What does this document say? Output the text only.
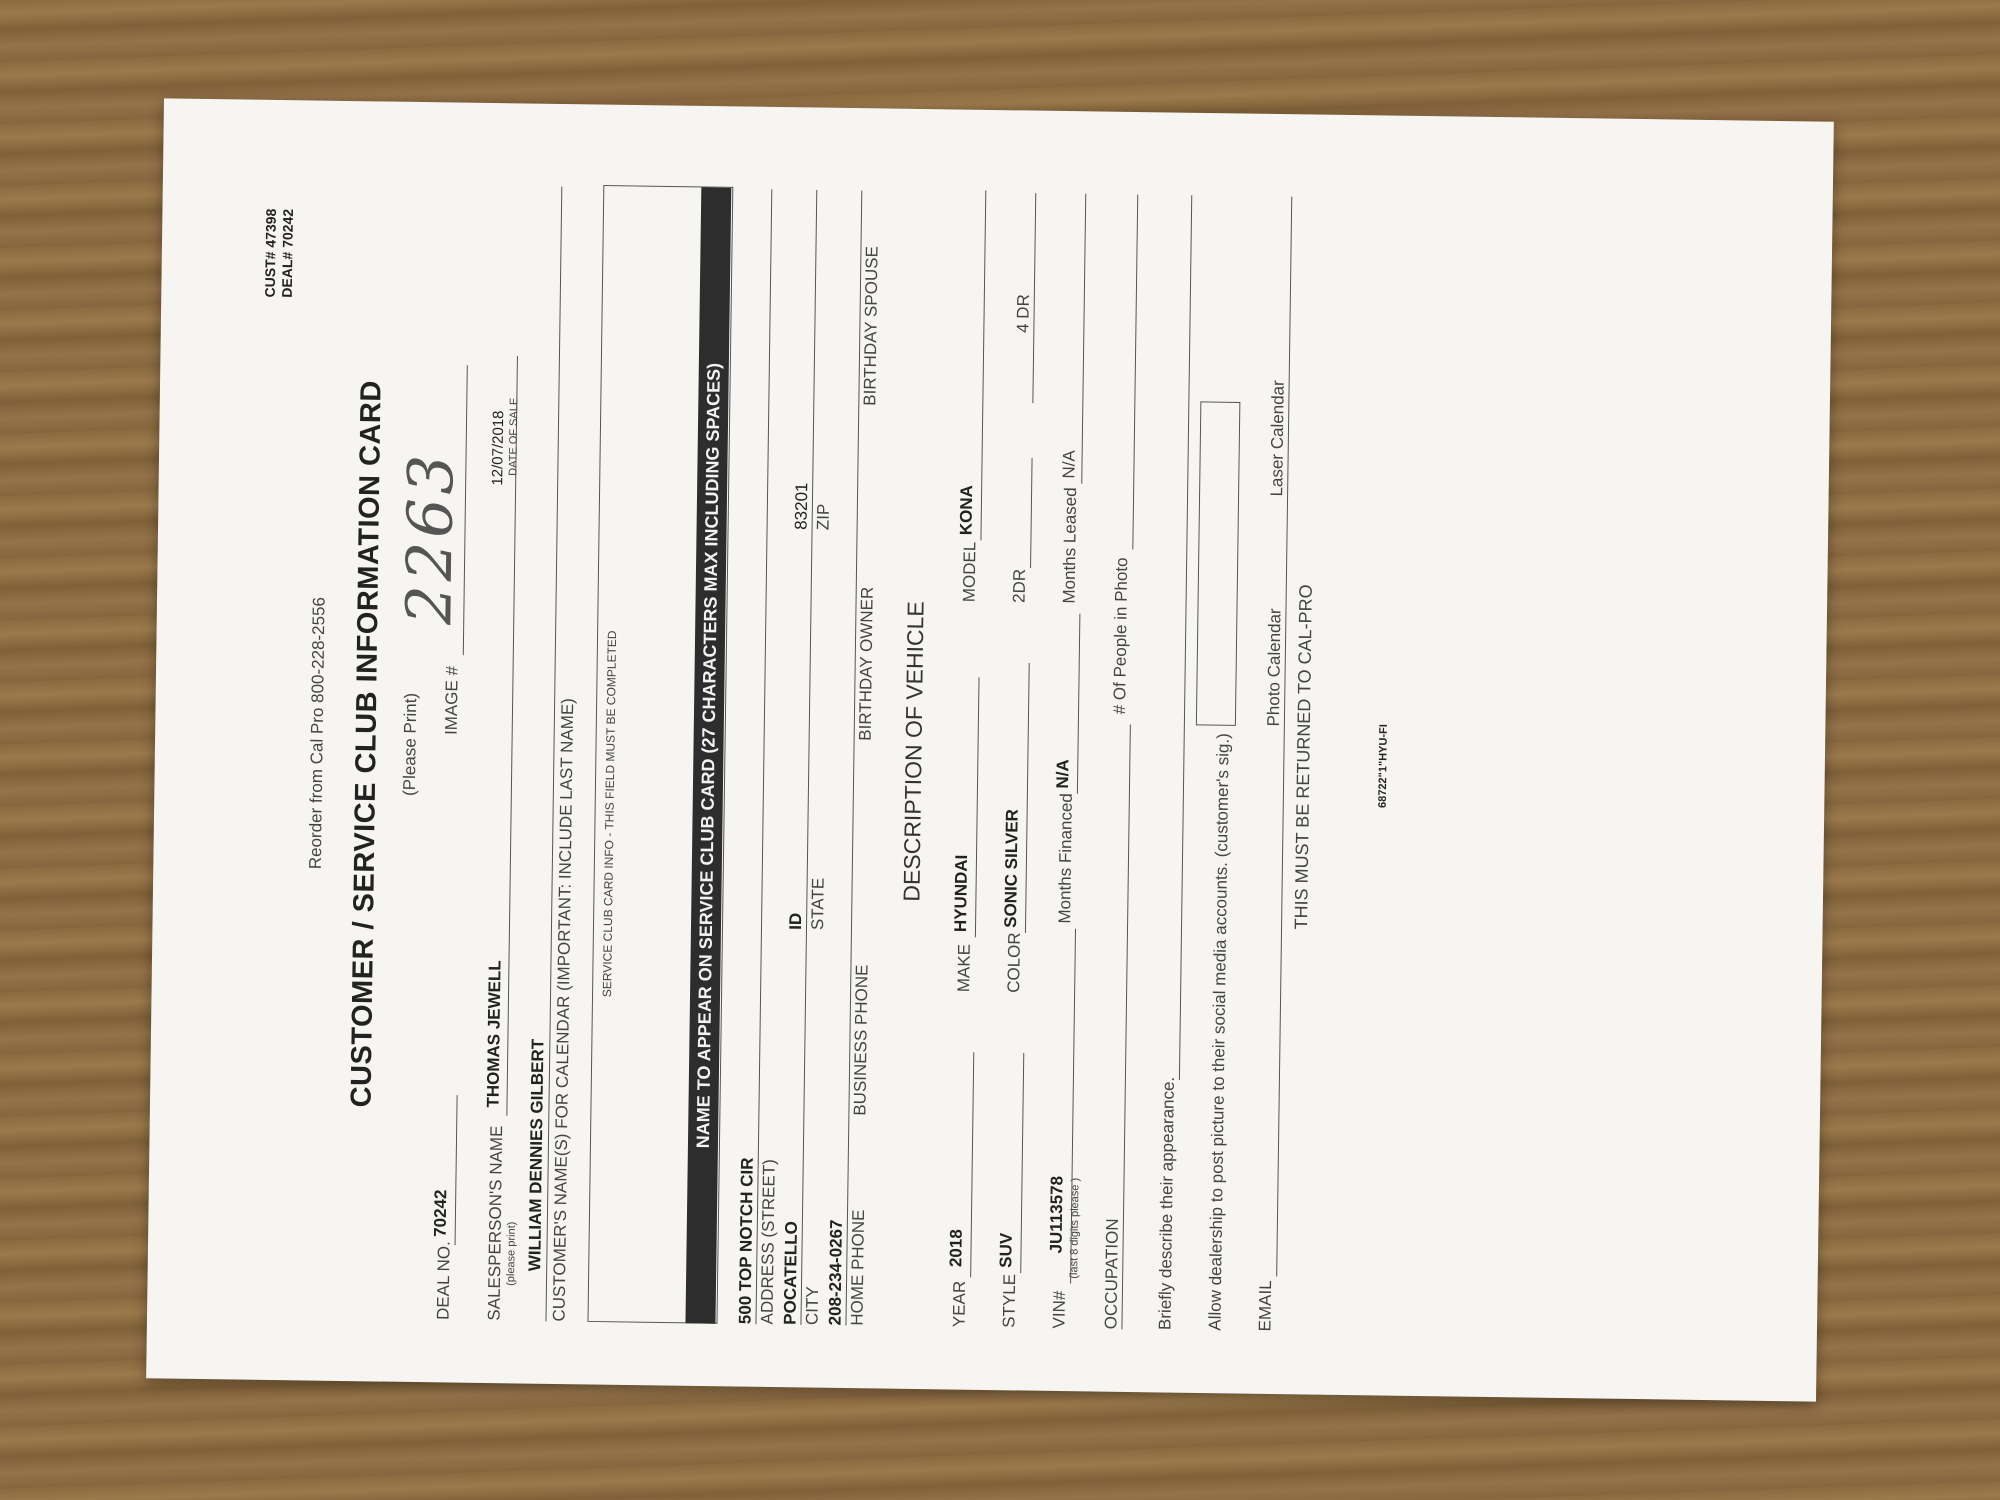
CUST# 47398 DEAL# 70242
Reorder from Cal Pro 800-228-2556 CUSTOMER / SERVICE CLUB INFORMATION CARD (Please Print)
DEAL NO.
70242
IMAGE #
2263
SALESPERSON'S NAME
(please print)
THOMAS JEWELL
12/07/2018 DATE OF SALE
WILLIAM DENNIES GILBERT CUSTOMER'S NAME(S) FOR CALENDAR (IMPORTANT: INCLUDE LAST NAME) SERVICE CLUB CARD INFO - THIS FIELD MUST BE COMPLETED	NAME TO APPEAR ON SERVICE CLUB CARD (27 CHARACTERS MAX INCLUDING SPACES)
500 TOP NOTCH CIR ADDRESS (STREET) POCATELLO
ID
83201
CITY
STATE
ZIP
208-234-0267 HOME PHONE
BUSINESS PHONE
BIRTHDAY OWNER
BIRTHDAY SPOUSE
DESCRIPTION OF VEHICLE
YEAR
2018
MAKE
HYUNDAI
MODEL
KONA
STYLE
SUV
COLOR
SONIC SILVER
2DR
4 DR
VIN#
(last 8 digits please )
JU113578
Months Financed
N/A
Months Leased
N/A
OCCUPATION
# Of People in Photo
Briefly describe their appearance. Allow dealership to post picture to their social media accounts. (customer's sig.) EMAIL
Photo Calendar
Laser Calendar
THIS MUST BE RETURNED TO CAL-PRO	68722"1"HYU-FI
